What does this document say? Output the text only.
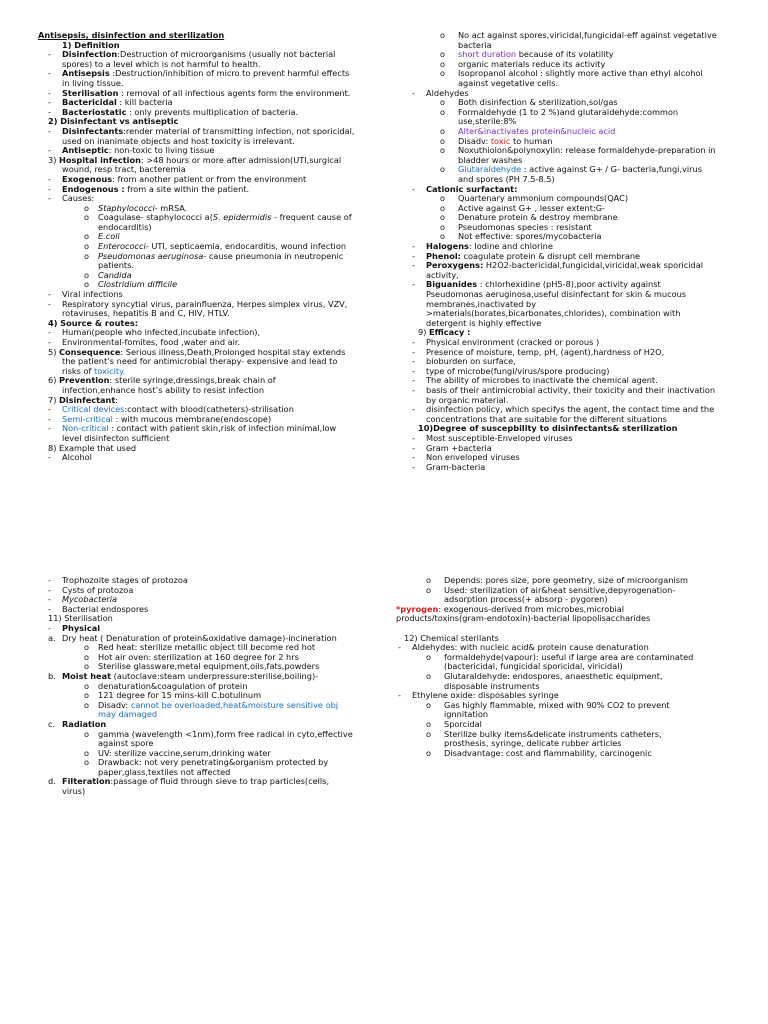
Antisepsis, disinfection and sterilization
1) Definition
- Disinfection:Destruction of microorganisms (usually not bacterial
spores) to a level which is not harmful to health.
- Antisepsis :Destruction/inhibition of micro to prevent harmful effects
in living tissue.
- Sterilisation : removal of all infectious agents form the environment.
- Bactericidal : kill bacteria
- Bacteriostatic : only prevents multiplication of bacteria.
2) Disinfectant vs antiseptic
- Disinfectants:render material of transmitting infection, not sporicidal,
used on inanimate objects and host toxicity is irrelevant.
- Antiseptic: non-toxic to living tissue
3) Hospital infection: >48 hours or more after admission(UTI,surgical
wound, resp tract, bacteremia
- Exogenous: from another patient or from the environment
- Endogenous : from a site within the patient.
- Causes:
o Staphylococci- mRSA.
o Coagulase- staphylococci a(S. epidermidis - frequent cause of
endocarditis)
o E.coli
o Enterococci- UTI, septicaemia, endocarditis, wound infection
o Pseudomonas aeruginosa- cause pneumonia in neutropenic
patients.
o Candida
o Clostridium difficile
- Viral infections
- Respiratory syncytial virus, parainfluenza, Herpes simplex virus, VZV,
rotaviruses, hepatitis B and C, HIV, HTLV.
4) Source & routes:
- Human(people who infected,incubate infection),
- Environmental-fomites, food ,water and air.
5) Consequence: Serious illness,Death,Prolonged hospital stay extends
the patient’s need for antimicrobial therapy- expensive and lead to
risks of toxicity.
6) Prevention: sterile syringe,dressings,break chain of
infection,enhance host’s ability to resist infection
7) Disinfectant:
- Critical devices:contact with blood(catheters)-strilisation
- Semi-critical : with mucous membrane(endoscope)
- Non-critical : contact with patient skin,risk of infection minimal,low
level disinfecton sufficient
8) Example that used
- Alcohol
o No act against spores,viricidal,fungicidal-eff against vegetative
bacteria
o short duration because of its volatility
o organic materials reduce its activity
o Isopropanol alcohol : slightly more active than ethyl alcohol
against vegetative cells.
- Aldehydes
o Both disinfection & sterilization,sol/gas
o Formaldehyde (1 to 2 %)and glutaraldehyde:common
use,sterile:8%
o Alter&inactivates protein&nucleic acid
o Disadv: toxic to human
o Noxuthiolon&polynoxylin: release formaldehyde-preparation in
bladder washes
o Glutaraldehyde : active against G+ / G- bacteria,fungi,virus
and spores (PH 7.5-8.5)
- Cationic surfactant:
o Quartenary ammonium compounds(QAC)
o Active against G+ , lesser extent;G-
o Denature protein & destroy membrane
o Pseudomonas species : resistant
o Not effective: spores/mycobacteria
- Halogens: Iodine and chlorine
- Phenol: coagulate protein & disrupt cell membrane
- Peroxygens: H2O2-bactericidal,fungicidal,viricidal,weak sporicidal
activity,
- Biguanides : chlorhexidine (pH5-8),poor activity against
Pseudomonas aeruginosa,useful disinfectant for skin & mucous
membranes,inactivated by
>materials(borates,bicarbonates,chlorides), combination with
detergent is highly effective
9) Efficacy :
- Physical environment (cracked or porous )
- Presence of moisture, temp, pH, (agent),hardness of H2O,
- bioburden on surface,
- type of microbe(fungi/virus/spore producing)
- The ability of microbes to inactivate the chemical agent.
- basis of their antimicrobial activity, their toxicity and their inactivation
by organic material.
- disinfection policy, which specifys the agent, the contact time and the
concentrations that are suitable for the different situations
10)Degree of suscepbility to disinfectants& sterilization
- Most susceptible-Enveloped viruses
- Gram +bacteria
- Non enveloped viruses
- Gram-bacteria
- Trophozoite stages of protozoa
- Cysts of protozoa
- Mycobacteria
- Bacterial endospores
11) Sterilisation
- Physical
a. Dry heat ( Denaturation of protein&oxidative damage)-incineration
o Red heat: sterilize metallic object till become red hot
o Hot air oven: sterilization at 160 degree for 2 hrs
o Sterilise glassware,metal equipment,oils,fats,powders
b. Moist heat (autoclave:steam underpressure:sterilise,boiling)-
o denaturation&coagulation of protein
o 121 degree for 15 mins-kill C.botulinum
o Disadv: cannot be overloaded,heat&moisture sensitive obj
may damaged
c. Radiation
o gamma (wavelength <1nm),form free radical in cyto,effective
against spore
o UV: sterilize vaccine,serum,drinking water
o Drawback: not very penetrating&organism protected by
paper,glass,textiles not affected
d. Filteration:passage of fluid through sieve to trap particles(cells,
virus)
o Depends: pores size, pore geometry, size of microorganism
o Used: sterilization of air&heat sensitive,depyrogenation-
adsorption process(+ absorp - pygoren)
*pyrogen: exogenous-derived from microbes,microbial
products/toxins(gram-endotoxin)-bacterial lipopolisaccharides
12) Chemical sterilants
- Aldehydes: with nucleic acid& protein cause denaturation
o formaldehyde(vapour): useful if large area are contaminated
(bactericidal, fungicidal sporicidal, viricidal)
o Glutaraldehyde: endospores, anaesthetic equipment,
disposable instruments
- Ethylene oxide: disposables syringe
o Gas highly flammable, mixed with 90% CO2 to prevent
ignnitation
o Sporcidal
o Sterilize bulky items&delicate instruments catheters,
prosthesis, syringe, delicate rubber articles
o Disadvantage: cost and flammability, carcinogenic
